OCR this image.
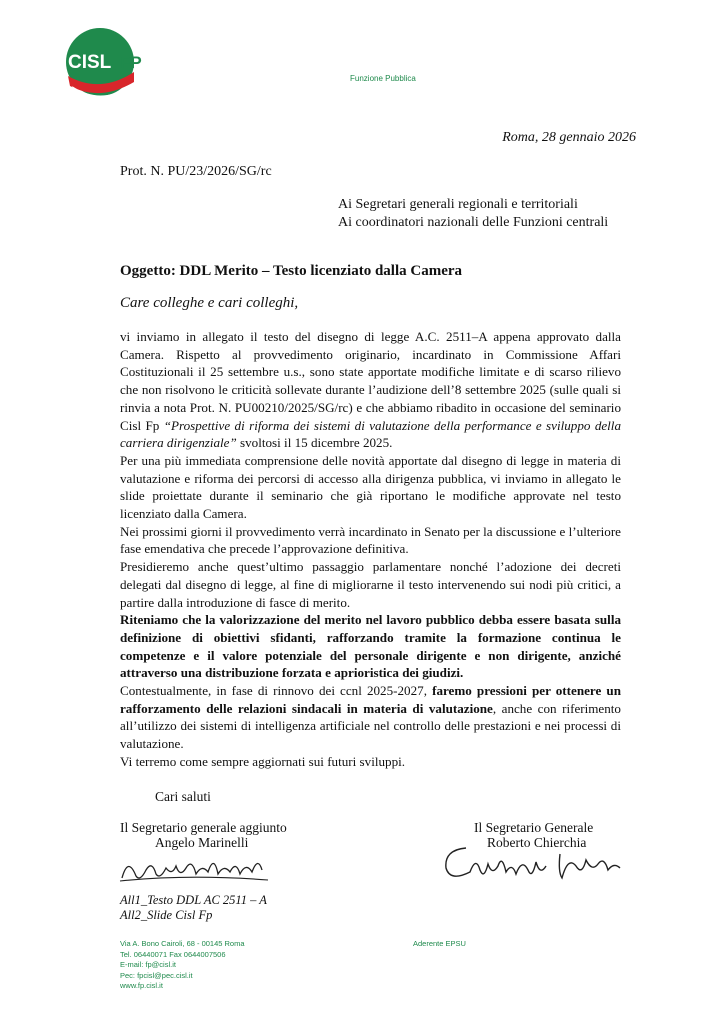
CISL FP
Funzione Pubblica
Roma, 28 gennaio 2026
Prot. N. PU/23/2026/SG/rc
Ai Segretari generali regionali e territoriali
Ai coordinatori nazionali delle Funzioni centrali
Oggetto: DDL Merito – Testo licenziato dalla Camera
Care colleghe e cari colleghi,

vi inviamo in allegato il testo del disegno di legge A.C. 2511–A appena approvato dalla Camera. Rispetto al provvedimento originario, incardinato in Commissione Affari Costituzionali il 25 settembre u.s., sono state apportate modifiche limitate e di scarso rilievo che non risolvono le criticità sollevate durante l’audizione dell’8 settembre 2025 (sulle quali si rinvia a nota Prot. N. PU00210/2025/SG/rc) e che abbiamo ribadito in occasione del seminario Cisl Fp “Prospettive di riforma dei sistemi di valutazione della performance e sviluppo della carriera dirigenziale” svoltosi il 15 dicembre 2025.

Per una più immediata comprensione delle novità apportate dal disegno di legge in materia di valutazione e riforma dei percorsi di accesso alla dirigenza pubblica, vi inviamo in allegato le slide proiettate durante il seminario che già riportano le modifiche approvate nel testo licenziato dalla Camera.

Nei prossimi giorni il provvedimento verrà incardinato in Senato per la discussione e l’ulteriore fase emendativa che precede l’approvazione definitiva.

Presidieremo anche quest’ultimo passaggio parlamentare nonché l’adozione dei decreti delegati dal disegno di legge, al fine di migliorarne il testo intervenendo sui nodi più critici, a partire dalla introduzione di fasce di merito.

Riteniamo che la valorizzazione del merito nel lavoro pubblico debba essere basata sulla definizione di obiettivi sfidanti, rafforzando tramite la formazione continua le competenze e il valore potenziale del personale dirigente e non dirigente, anziché attraverso una distribuzione forzata e aprioristica dei giudizi.

Contestualmente, in fase di rinnovo dei ccnl 2025-2027, faremo pressioni per ottenere un rafforzamento delle relazioni sindacali in materia di valutazione, anche con riferimento all’utilizzo dei sistemi di intelligenza artificiale nel controllo delle prestazioni e nei processi di valutazione.

Vi terremo come sempre aggiornati sui futuri sviluppi.

Cari saluti
Il Segretario generale aggiunto
Angelo Marinelli
Il Segretario Generale
Roberto Chierchia
All1_Testo DDL AC 2511 – A
All2_Slide Cisl Fp
Via A. Bono Cairoli, 68 - 00145 Roma
Tel. 06440071 Fax 0644007506
E-mail: fp@cisl.it
Pec: fpcisl@pec.cisl.it
www.fp.cisl.it
Aderente EPSU
